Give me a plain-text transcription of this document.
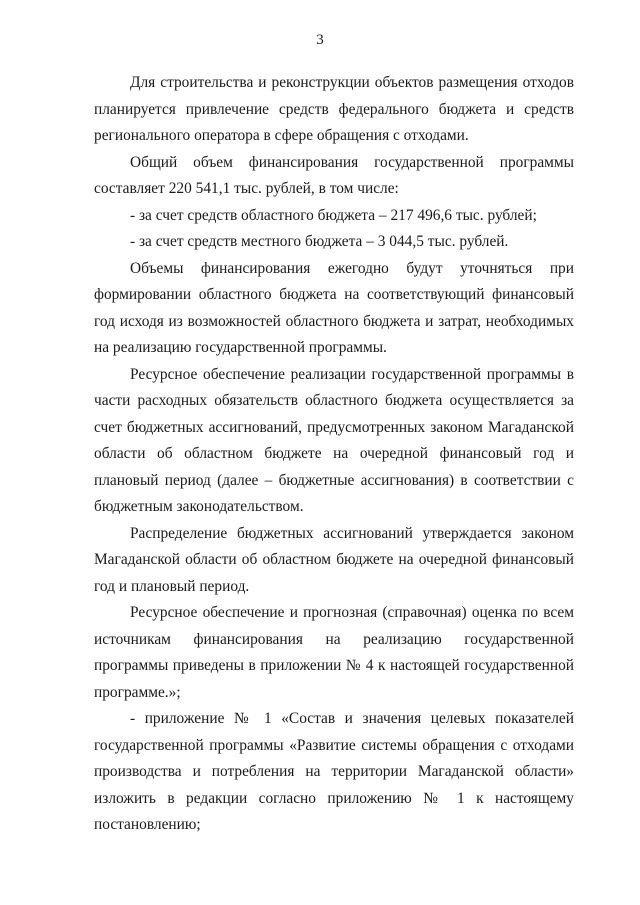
3

Для строительства и реконструкции объектов размещения отходов планируется привлечение средств федерального бюджета и средств регионального оператора в сфере обращения с отходами.

Общий объем финансирования государственной программы составляет 220 541,1 тыс. рублей, в том числе:

- за счет средств областного бюджета – 217 496,6 тыс. рублей;

- за счет средств местного бюджета – 3 044,5 тыс. рублей.

Объемы финансирования ежегодно будут уточняться при формировании областного бюджета на соответствующий финансовый год исходя из возможностей областного бюджета и затрат, необходимых на реализацию государственной программы.

Ресурсное обеспечение реализации государственной программы в части расходных обязательств областного бюджета осуществляется за счет бюджетных ассигнований, предусмотренных законом Магаданской области об областном бюджете на очередной финансовый год и плановый период (далее – бюджетные ассигнования) в соответствии с бюджетным законодательством.

Распределение бюджетных ассигнований утверждается законом Магаданской области об областном бюджете на очередной финансовый год и плановый период.

Ресурсное обеспечение и прогнозная (справочная) оценка по всем источникам финансирования на реализацию государственной программы приведены в приложении № 4 к настоящей государственной программе.»;

- приложение № 1 «Состав и значения целевых показателей государственной программы «Развитие системы обращения с отходами производства и потребления на территории Магаданской области» изложить в редакции согласно приложению № 1 к настоящему постановлению;
